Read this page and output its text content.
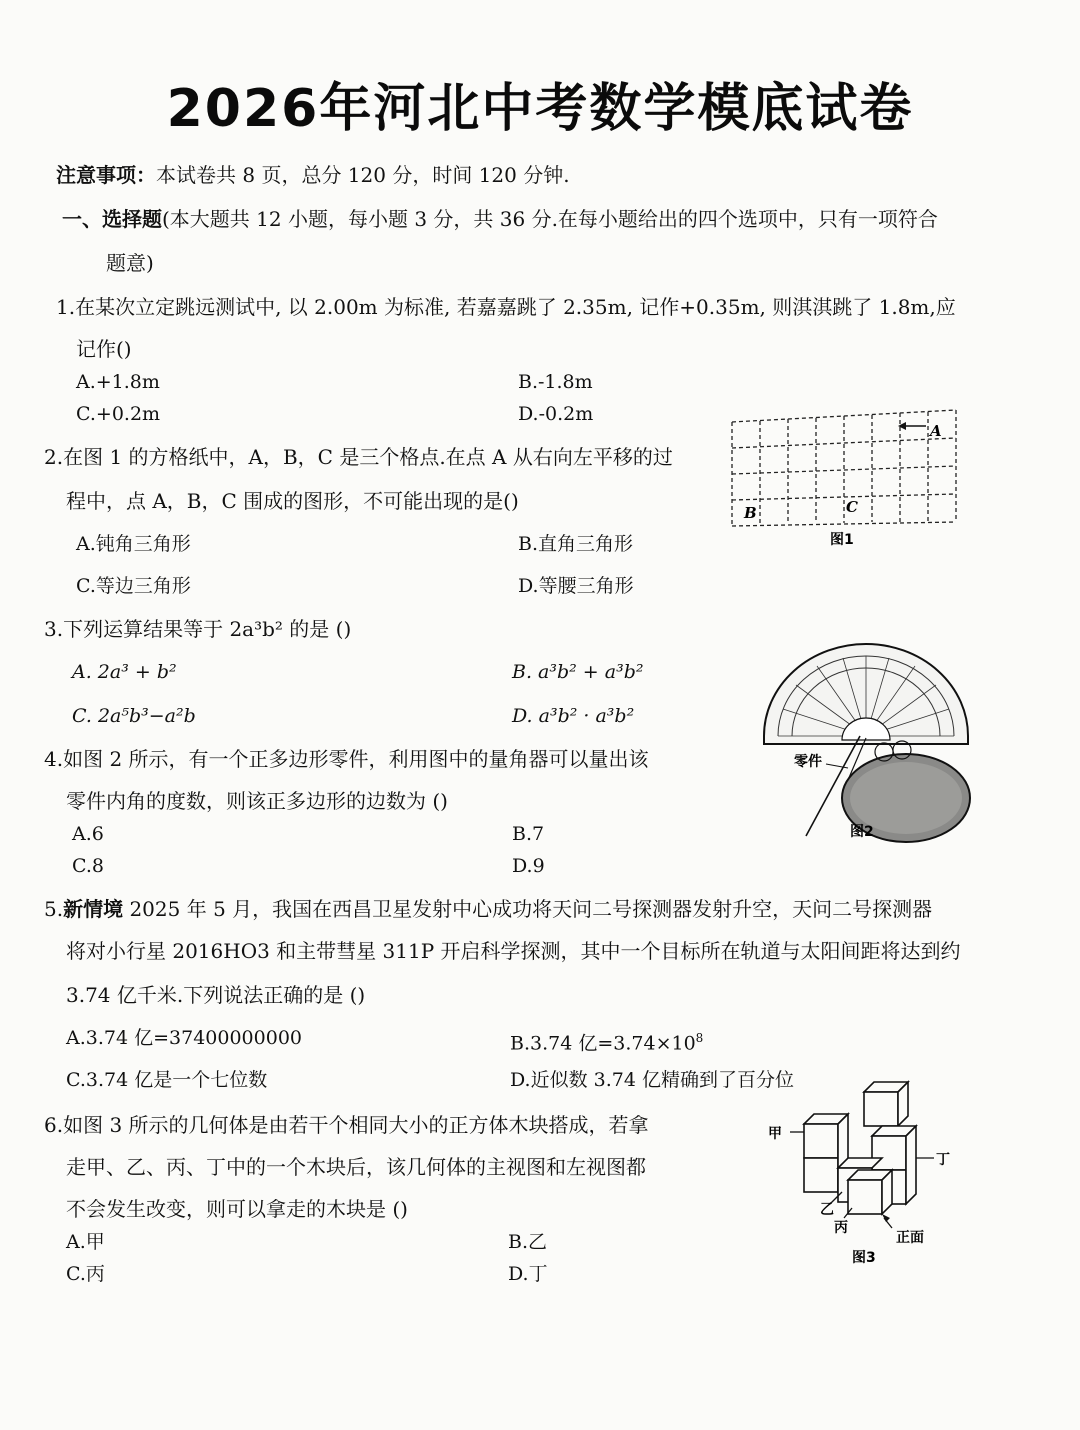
2026年河北中考数学模底试卷
注意事项：本试卷共 8 页，总分 120 分，时间 120 分钟.
一、选择题(本大题共 12 小题，每小题 3 分，共 36 分.在每小题给出的四个选项中，只有一项符合
题意)
1.在某次立定跳远测试中, 以 2.00m 为标准, 若嘉嘉跳了 2.35m, 记作+0.35m, 则淇淇跳了 1.8m,应
记作()
A.+1.8m	B.-1.8m
C.+0.2m	D.-0.2m
A
B	C
图1
2.在图 1 的方格纸中，A，B，C 是三个格点.在点 A 从右向左平移的过
程中，点 A，B，C 围成的图形，不可能出现的是()
A.钝角三角形	B.直角三角形
C.等边三角形	D.等腰三角形
3.下列运算结果等于 2a³b² 的是 ()
A. 2a³ + b²	B. a³b² + a³b²
C. 2a⁵b³−a²b	D. a³b² · a³b²
零件
图2
4.如图 2 所示，有一个正多边形零件，利用图中的量角器可以量出该
零件内角的度数，则该正多边形的边数为 ()
A.6	B.7
C.8	D.9
5.新情境 2025 年 5 月，我国在西昌卫星发射中心成功将天问二号探测器发射升空，天问二号探测器
将对小行星 2016HO3 和主带彗星 311P 开启科学探测，其中一个目标所在轨道与太阳间距将达到约
3.74 亿千米.下列说法正确的是 ()
A.3.74 亿=37400000000	B.3.74 亿$=3.74\times 10^8$
C.3.74 亿是一个七位数	D.近似数 3.74 亿精确到了百分位
甲
丁
乙
丙
正面
图3
6.如图 3 所示的几何体是由若干个相同大小的正方体木块搭成，若拿
走甲、乙、丙、丁中的一个木块后，该几何体的主视图和左视图都
不会发生改变，则可以拿走的木块是 ()
A.甲	B.乙
C.丙	D.丁
